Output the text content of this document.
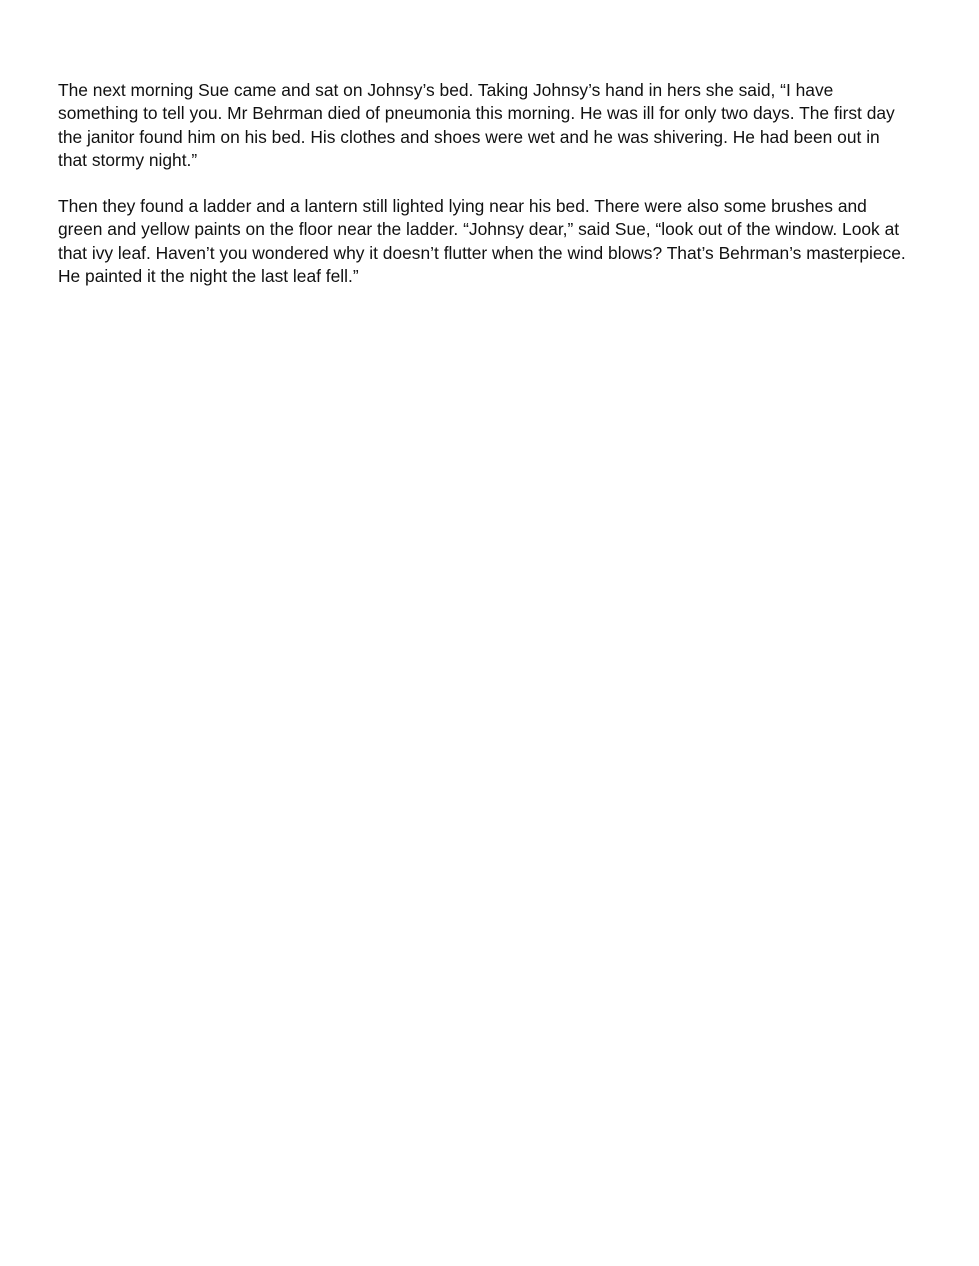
The next morning Sue came and sat on Johnsy’s bed. Taking Johnsy’s hand in hers she said, “I have
something to tell you. Mr Behrman died of pneumonia this morning. He was ill for only two days. The first day
the janitor found him on his bed. His clothes and shoes were wet and he was shivering. He had been out in
that stormy night.”

Then they found a ladder and a lantern still lighted lying near his bed. There were also some brushes and
green and yellow paints on the floor near the ladder. “Johnsy dear,” said Sue, “look out of the window. Look at
that ivy leaf. Haven’t you wondered why it doesn’t flutter when the wind blows? That’s Behrman’s masterpiece.
He painted it the night the last leaf fell.”
